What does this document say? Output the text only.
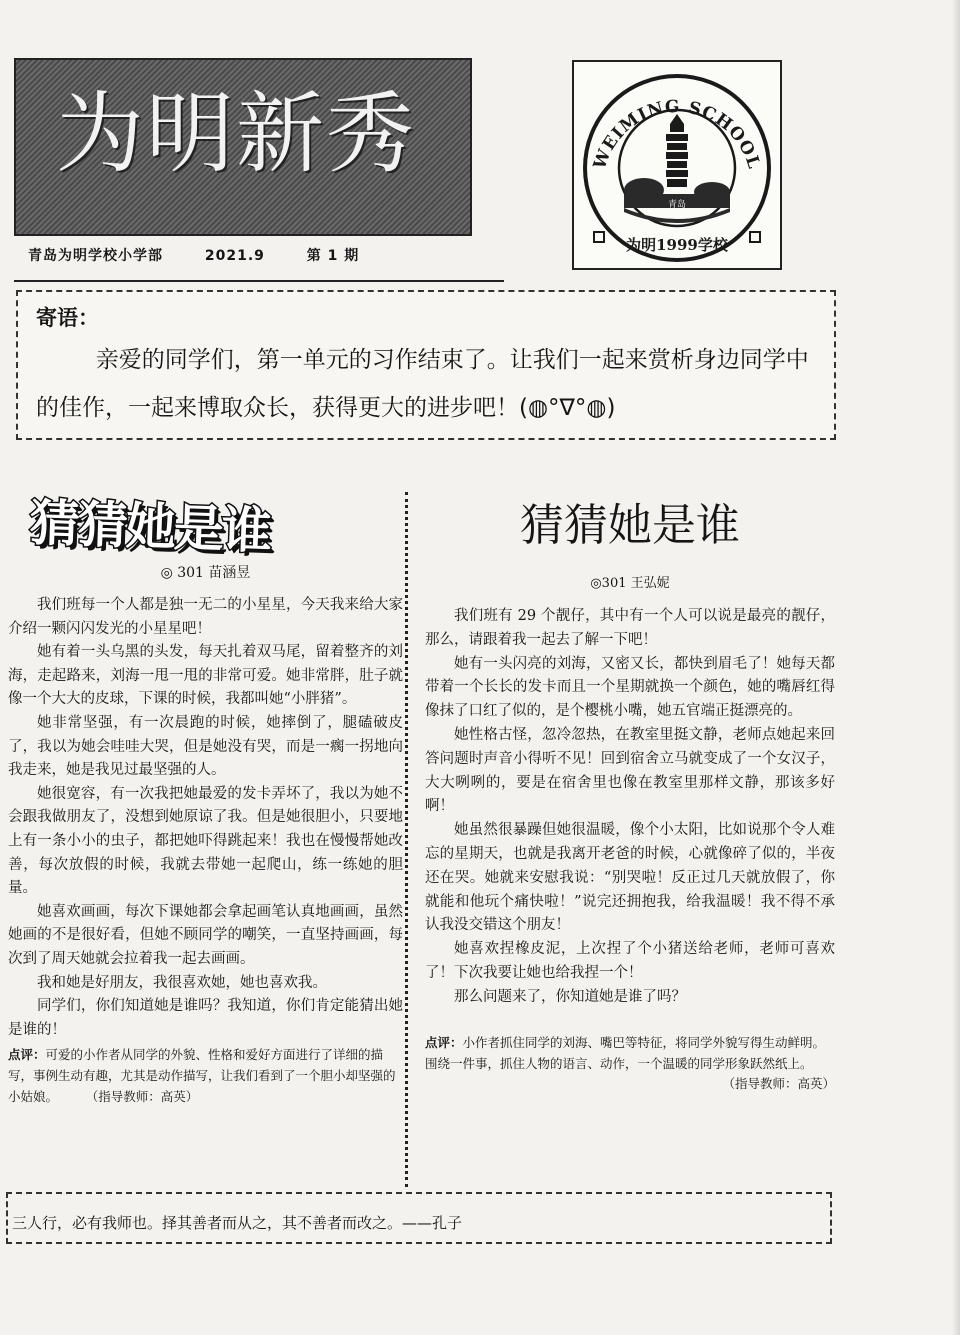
为明新秀
青岛为明学校小学部	2021.9	第 1 期
WEIMING SCHOOL
青岛
为明1999学校
寄语：
亲爱的同学们，第一单元的习作结束了。让我们一起来赏析身边同学中的佳作，一起来博取众长，获得更大的进步吧！(◍°∇°◍)
猜猜她是谁
◎ 301 苗涵昱

我们班每一个人都是独一无二的小星星，今天我来给大家介绍一颗闪闪发光的小星星吧！

她有着一头乌黑的头发，每天扎着双马尾，留着整齐的刘海，走起路来，刘海一甩一甩的非常可爱。她非常胖，肚子就像一个大大的皮球，下课的时候，我都叫她“小胖猪”。

她非常坚强，有一次晨跑的时候，她摔倒了，腿磕破皮了，我以为她会哇哇大哭，但是她没有哭，而是一瘸一拐地向我走来，她是我见过最坚强的人。

她很宽容，有一次我把她最爱的发卡弄坏了，我以为她不会跟我做朋友了，没想到她原谅了我。但是她很胆小，只要地上有一条小小的虫子，都把她吓得跳起来！我也在慢慢帮她改善，每次放假的时候，我就去带她一起爬山，练一练她的胆量。

她喜欢画画，每次下课她都会拿起画笔认真地画画，虽然她画的不是很好看，但她不顾同学的嘲笑，一直坚持画画，每次到了周天她就会拉着我一起去画画。

我和她是好朋友，我很喜欢她，她也喜欢我。

同学们，你们知道她是谁吗？我知道，你们肯定能猜出她是谁的！

点评：可爱的小作者从同学的外貌、性格和爱好方面进行了详细的描写，事例生动有趣，尤其是动作描写，让我们看到了一个胆小却坚强的小姑娘。	（指导教师：高英）

猜猜她是谁
◎301 王弘妮

我们班有 29 个靓仔，其中有一个人可以说是最亮的靓仔，那么，请跟着我一起去了解一下吧！

她有一头闪亮的刘海，又密又长，都快到眉毛了！她每天都带着一个长长的发卡而且一个星期就换一个颜色，她的嘴唇红得像抹了口红了似的，是个樱桃小嘴，她五官端正挺漂亮的。

她性格古怪，忽冷忽热，在教室里挺文静，老师点她起来回答问题时声音小得听不见！回到宿舍立马就变成了一个女汉子，大大咧咧的，要是在宿舍里也像在教室里那样文静，那该多好啊！

她虽然很暴躁但她很温暖，像个小太阳，比如说那个令人难忘的星期天，也就是我离开老爸的时候，心就像碎了似的，半夜还在哭。她就来安慰我说：“别哭啦！反正过几天就放假了，你就能和他玩个痛快啦！”说完还拥抱我，给我温暖！我不得不承认我没交错这个朋友！

她喜欢捏橡皮泥，上次捏了个小猪送给老师，老师可喜欢了！下次我要让她也给我捏一个！

那么问题来了，你知道她是谁了吗？

点评：小作者抓住同学的刘海、嘴巴等特征，将同学外貌写得生动鲜明。围绕一件事，抓住人物的语言、动作，一个温暖的同学形象跃然纸上。

（指导教师：高英）
三人行，必有我师也。择其善者而从之，其不善者而改之。——孔子
